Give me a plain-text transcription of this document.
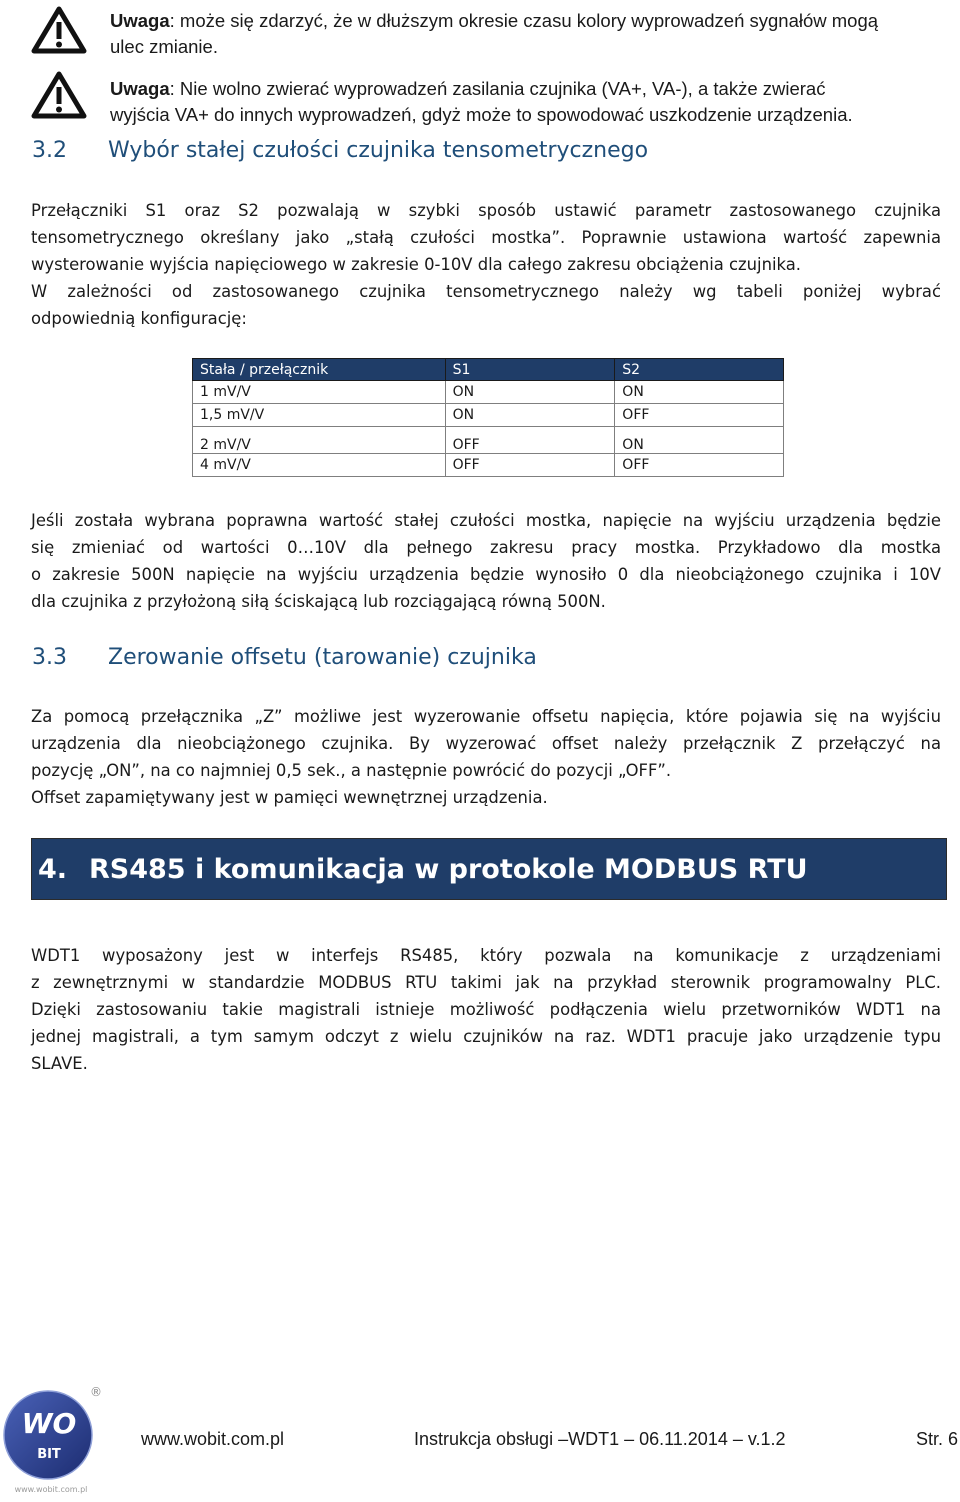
Uwaga: może się zdarzyć, że w dłuższym okresie czasu kolory wyprowadzeń sygnałów mogą
ulec zmianie.
Uwaga: Nie wolno zwierać wyprowadzeń zasilania czujnika (VA+, VA-), a także zwierać
wyjścia VA+ do innych wyprowadzeń, gdyż może to spowodować uszkodzenie urządzenia.
3.2 Wybór stałej czułości czujnika tensometrycznego
Przełączniki S1 oraz S2 pozwalają w szybki sposób ustawić parametr zastosowanego czujnika
tensometrycznego określany jako „stałą czułości mostka”. Poprawnie ustawiona wartość zapewnia
wysterowanie wyjścia napięciowego w zakresie 0-10V dla całego zakresu obciążenia czujnika.
W zależności od zastosowanego czujnika tensometrycznego należy wg tabeli poniżej wybrać
odpowiednią konfigurację:
Stała / przełącznik	S1	S2
1 mV/V	ON	ON
1,5 mV/V	ON	OFF
2 mV/V	OFF	ON
4 mV/V	OFF	OFF
Jeśli została wybrana poprawna wartość stałej czułości mostka, napięcie na wyjściu urządzenia będzie
się zmieniać od wartości 0…10V dla pełnego zakresu pracy mostka. Przykładowo dla mostka
o zakresie 500N napięcie na wyjściu urządzenia będzie wynosiło 0 dla nieobciążonego czujnika i 10V
dla czujnika z przyłożoną siłą ściskającą lub rozciągającą równą 500N.
3.3 Zerowanie offsetu (tarowanie) czujnika
Za pomocą przełącznika „Z” możliwe jest wyzerowanie offsetu napięcia, które pojawia się na wyjściu
urządzenia dla nieobciążonego czujnika. By wyzerować offset należy przełącznik Z przełączyć na
pozycję „ON”, na co najmniej 0,5 sek., a następnie powrócić do pozycji „OFF”.
Offset zapamiętywany jest w pamięci wewnętrznej urządzenia.
4. RS485 i komunikacja w protokole MODBUS RTU
WDT1 wyposażony jest w interfejs RS485, który pozwala na komunikacje z urządzeniami
z zewnętrznymi w standardzie MODBUS RTU takimi jak na przykład sterownik programowalny PLC.
Dzięki zastosowaniu takie magistrali istnieje możliwość podłączenia wielu przetworników WDT1 na
jednej magistrali, a tym samym odczyt z wielu czujników na raz. WDT1 pracuje jako urządzenie typu
SLAVE.
WO
BIT
®
www.wobit.com.pl
www.wobit.com.pl	Instrukcja obsługi –WDT1 – 06.11.2014 – v.1.2	Str. 6
